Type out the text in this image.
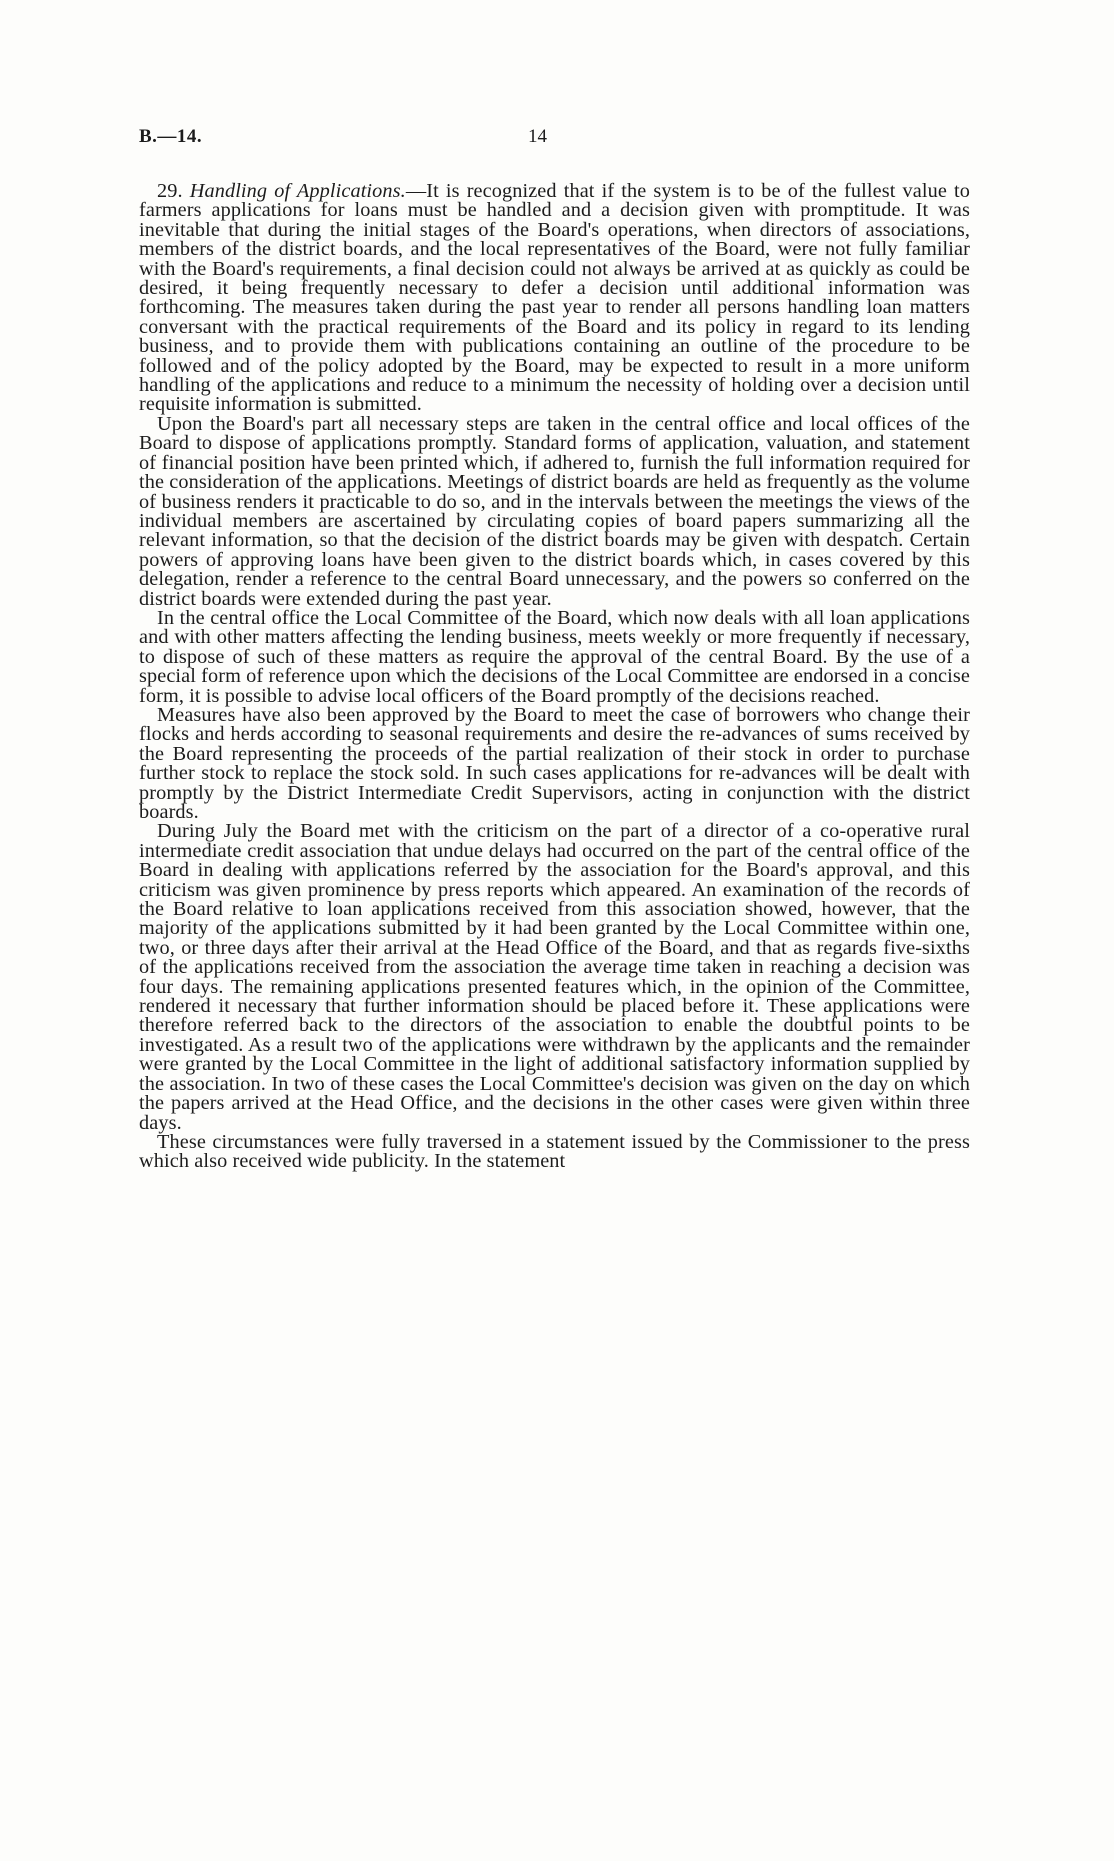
B.—14.	14

29. Handling of Applications.—It is recognized that if the system is to be of the fullest value to farmers applications for loans must be handled and a decision given with promptitude. It was inevitable that during the initial stages of the Board's operations, when directors of associations, members of the district boards, and the local representatives of the Board, were not fully familiar with the Board's requirements, a final decision could not always be arrived at as quickly as could be desired, it being frequently necessary to defer a decision until additional information was forthcoming. The measures taken during the past year to render all persons handling loan matters conversant with the practical requirements of the Board and its policy in regard to its lending business, and to provide them with publications containing an outline of the procedure to be followed and of the policy adopted by the Board, may be expected to result in a more uniform handling of the applications and reduce to a minimum the necessity of holding over a decision until requisite information is submitted.

Upon the Board's part all necessary steps are taken in the central office and local offices of the Board to dispose of applications promptly. Standard forms of application, valuation, and statement of financial position have been printed which, if adhered to, furnish the full information required for the consideration of the applications. Meetings of district boards are held as frequently as the volume of business renders it practicable to do so, and in the intervals between the meetings the views of the individual members are ascertained by circulating copies of board papers summarizing all the relevant information, so that the decision of the district boards may be given with despatch. Certain powers of approving loans have been given to the district boards which, in cases covered by this delegation, render a reference to the central Board unnecessary, and the powers so conferred on the district boards were extended during the past year.

In the central office the Local Committee of the Board, which now deals with all loan applications and with other matters affecting the lending business, meets weekly or more frequently if necessary, to dispose of such of these matters as require the approval of the central Board. By the use of a special form of reference upon which the decisions of the Local Committee are endorsed in a concise form, it is possible to advise local officers of the Board promptly of the decisions reached.

Measures have also been approved by the Board to meet the case of borrowers who change their flocks and herds according to seasonal requirements and desire the re-advances of sums received by the Board representing the proceeds of the partial realization of their stock in order to purchase further stock to replace the stock sold. In such cases applications for re-advances will be dealt with promptly by the District Intermediate Credit Supervisors, acting in conjunction with the district boards.

During July the Board met with the criticism on the part of a director of a co-operative rural intermediate credit association that undue delays had occurred on the part of the central office of the Board in dealing with applications referred by the association for the Board's approval, and this criticism was given prominence by press reports which appeared. An examination of the records of the Board relative to loan applications received from this association showed, however, that the majority of the applications submitted by it had been granted by the Local Committee within one, two, or three days after their arrival at the Head Office of the Board, and that as regards five-sixths of the applications received from the association the average time taken in reaching a decision was four days. The remaining applications presented features which, in the opinion of the Committee, rendered it necessary that further information should be placed before it. These applications were therefore referred back to the directors of the association to enable the doubtful points to be investigated. As a result two of the applications were withdrawn by the applicants and the remainder were granted by the Local Committee in the light of additional satisfactory information supplied by the association. In two of these cases the Local Committee's decision was given on the day on which the papers arrived at the Head Office, and the decisions in the other cases were given within three days.

These circumstances were fully traversed in a statement issued by the Commissioner to the press which also received wide publicity. In the statement
